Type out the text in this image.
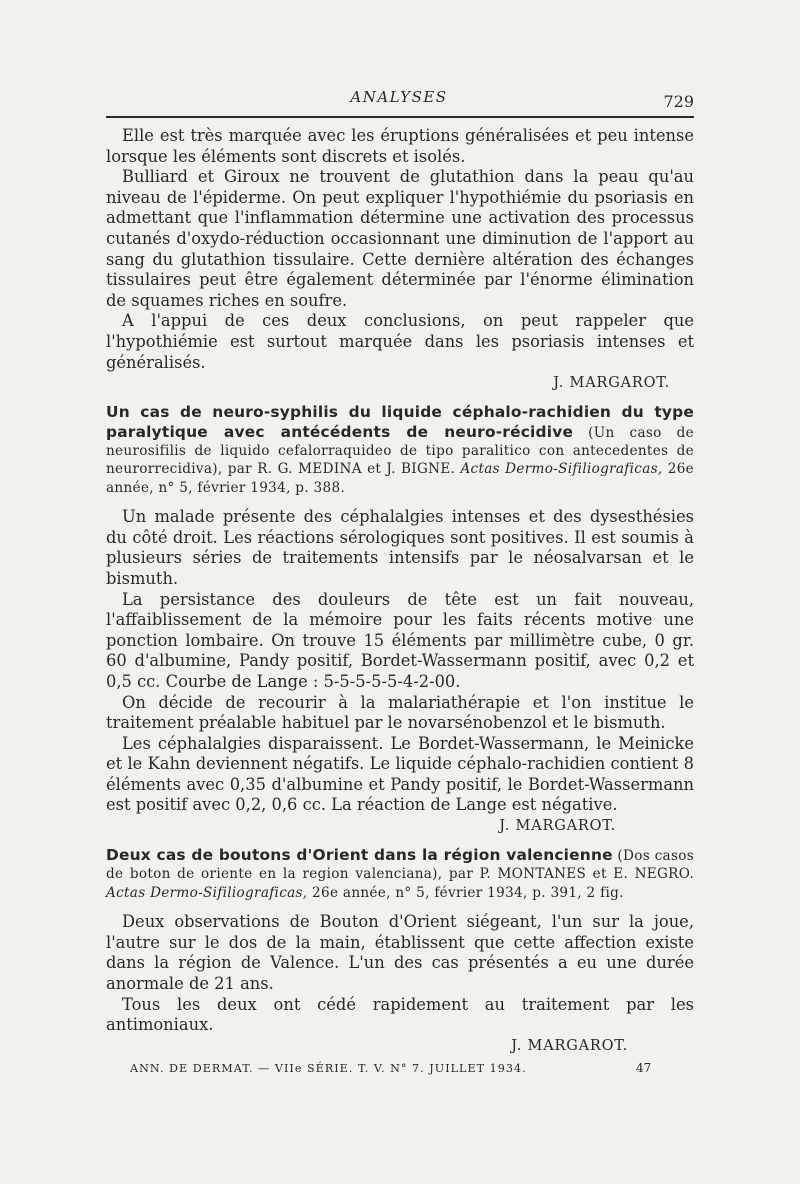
ANALYSES	729

Elle est très marquée avec les éruptions généralisées et peu intense lorsque les éléments sont discrets et isolés.

Bulliard et Giroux ne trouvent de glutathion dans la peau qu'au niveau de l'épiderme. On peut expliquer l'hypothiémie du psoriasis en admettant que l'inflammation détermine une activation des processus cutanés d'oxydo-réduction occasionnant une diminution de l'apport au sang du glutathion tissulaire. Cette dernière altération des échanges tissulaires peut être également déterminée par l'énorme élimination de squames riches en soufre.

A l'appui de ces deux conclusions, on peut rappeler que l'hypothiémie est surtout marquée dans les psoriasis intenses et généralisés.

J. MARGAROT.
Un cas de neuro-syphilis du liquide céphalo-rachidien du type paralytique avec antécédents de neuro-récidive (Un caso de neurosifilis de liquido cefalorraquideo de tipo paralitico con antecedentes de neurorrecidiva), par R. G. MEDINA et J. BIGNE. Actas Dermo-Sifiliograficas, 26e année, n° 5, février 1934, p. 388.

Un malade présente des céphalalgies intenses et des dysesthésies du côté droit. Les réactions sérologiques sont positives. Il est soumis à plusieurs séries de traitements intensifs par le néosalvarsan et le bismuth.

La persistance des douleurs de tête est un fait nouveau, l'affaiblissement de la mémoire pour les faits récents motive une ponction lombaire. On trouve 15 éléments par millimètre cube, 0 gr. 60 d'albumine, Pandy positif, Bordet-Wassermann positif, avec 0,2 et 0,5 cc. Courbe de Lange : 5-5-5-5-5-4-2-00.

On décide de recourir à la malariathérapie et l'on institue le traitement préalable habituel par le novarsénobenzol et le bismuth.

Les céphalalgies disparaissent. Le Bordet-Wassermann, le Meinicke et le Kahn deviennent négatifs. Le liquide céphalo-rachidien contient 8 éléments avec 0,35 d'albumine et Pandy positif, le Bordet-Wassermann est positif avec 0,2, 0,6 cc. La réaction de Lange est négative.

J. MARGAROT.
Deux cas de boutons d'Orient dans la région valencienne (Dos casos de boton de oriente en la region valenciana), par P. MONTANES et E. NEGRO. Actas Dermo-Sifiliograficas, 26e année, n° 5, février 1934, p. 391, 2 fig.

Deux observations de Bouton d'Orient siégeant, l'un sur la joue, l'autre sur le dos de la main, établissent que cette affection existe dans la région de Valence. L'un des cas présentés a eu une durée anormale de 21 ans.

Tous les deux ont cédé rapidement au traitement par les antimoniaux.

J. MARGAROT.
ANN. DE DERMAT. — VIIe SÉRIE. T. V. N° 7. JUILLET 1934.	47
